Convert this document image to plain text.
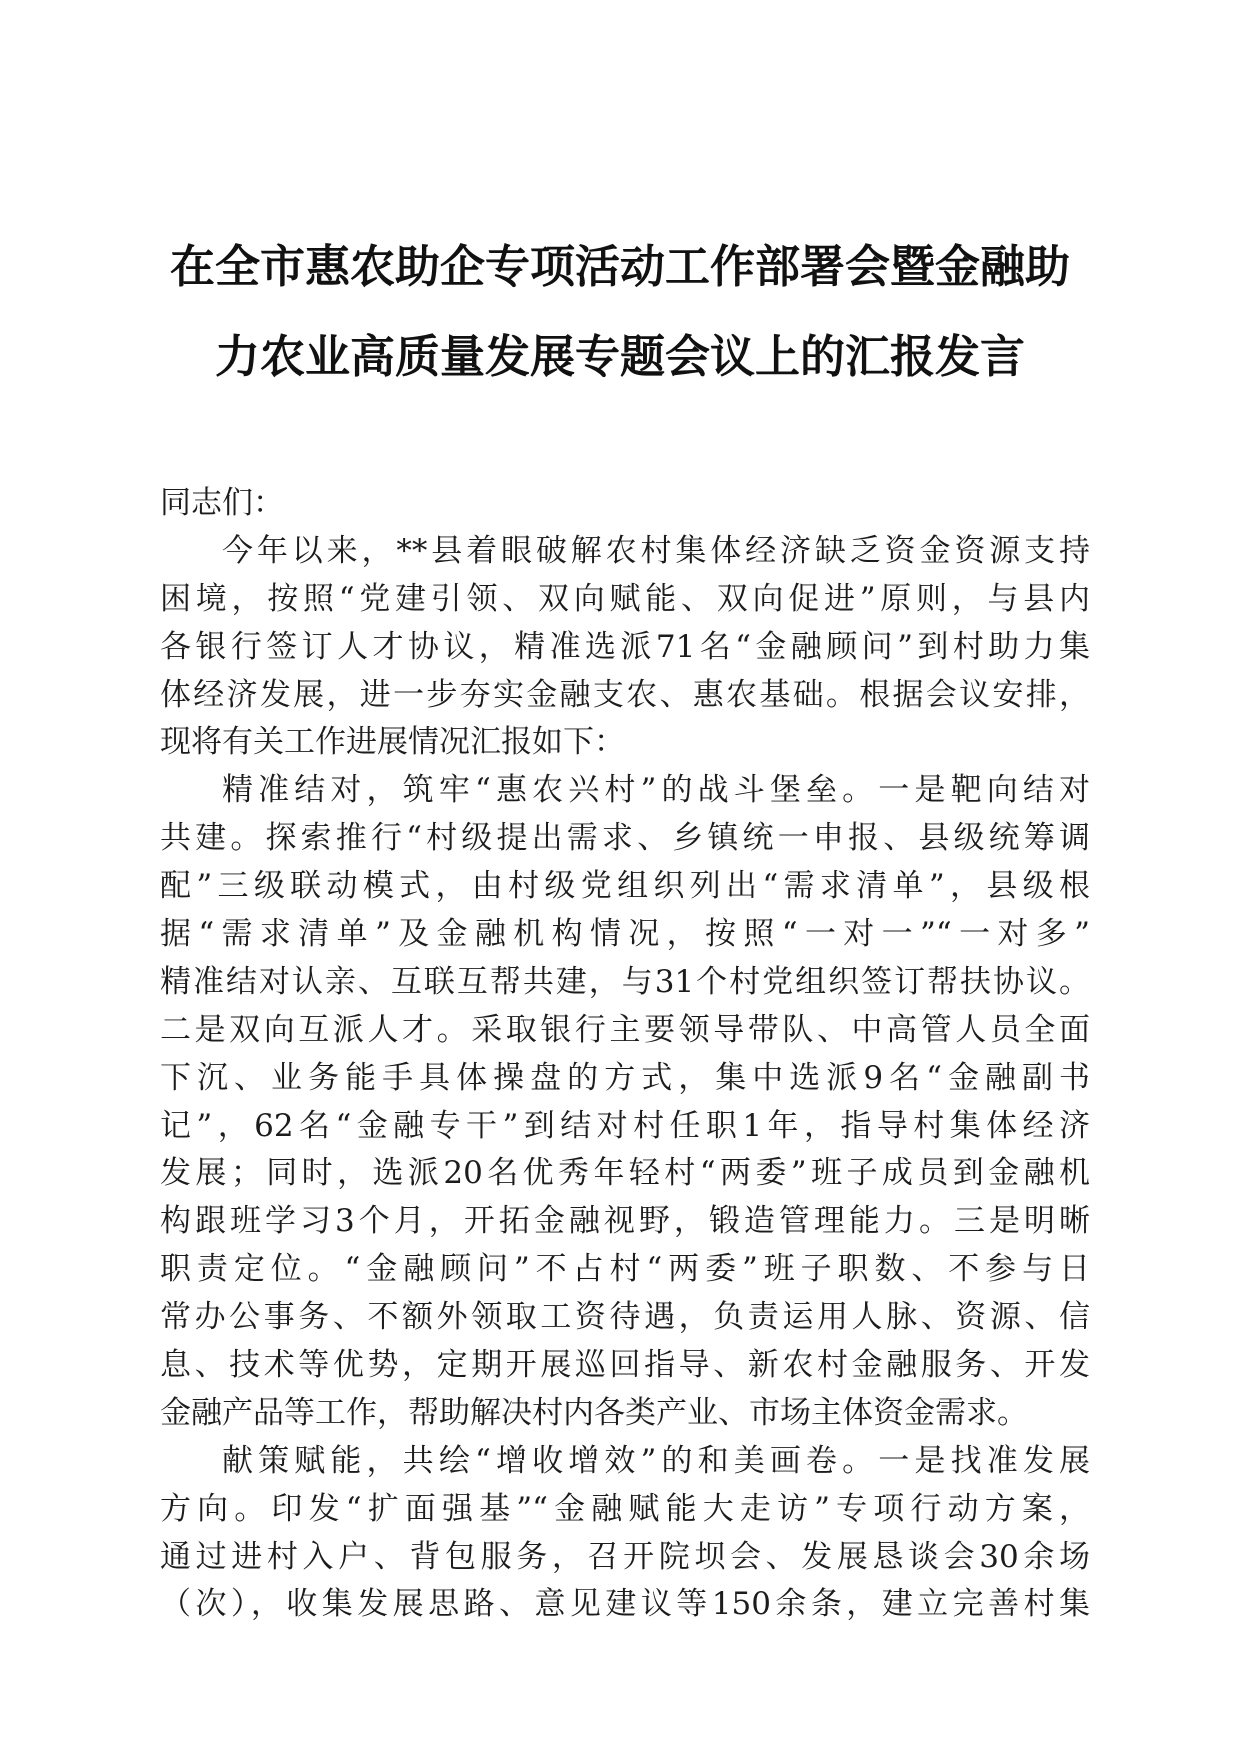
在全市惠农助企专项活动工作部署会暨金融助
力农业高质量发展专题会议上的汇报发言
同志们：
今年以来，**县着眼破解农村集体经济缺乏资金资源支持
困境，按照“党建引领、双向赋能、双向促进”原则，与县内
各银行签订人才协议，精准选派71名“金融顾问”到村助力集
体经济发展，进一步夯实金融支农、惠农基础。根据会议安排，
现将有关工作进展情况汇报如下：
精准结对，筑牢“惠农兴村”的战斗堡垒。一是靶向结对
共建。探索推行“村级提出需求、乡镇统一申报、县级统筹调
配”三级联动模式，由村级党组织列出“需求清单”，县级根
据“需求清单”及金融机构情况，按照“一对一”“一对多”
精准结对认亲、互联互帮共建，与31个村党组织签订帮扶协议。
二是双向互派人才。采取银行主要领导带队、中高管人员全面
下沉、业务能手具体操盘的方式，集中选派9名“金融副书
记”，62名“金融专干”到结对村任职1年，指导村集体经济
发展；同时，选派20名优秀年轻村“两委”班子成员到金融机
构跟班学习3个月，开拓金融视野，锻造管理能力。三是明晰
职责定位。“金融顾问”不占村“两委”班子职数、不参与日
常办公事务、不额外领取工资待遇，负责运用人脉、资源、信
息、技术等优势，定期开展巡回指导、新农村金融服务、开发
金融产品等工作，帮助解决村内各类产业、市场主体资金需求。
献策赋能，共绘“增收增效”的和美画卷。一是找准发展
方向。印发“扩面强基”“金融赋能大走访”专项行动方案，
通过进村入户、背包服务，召开院坝会、发展恳谈会30余场
（次），收集发展思路、意见建议等150余条，建立完善村集
